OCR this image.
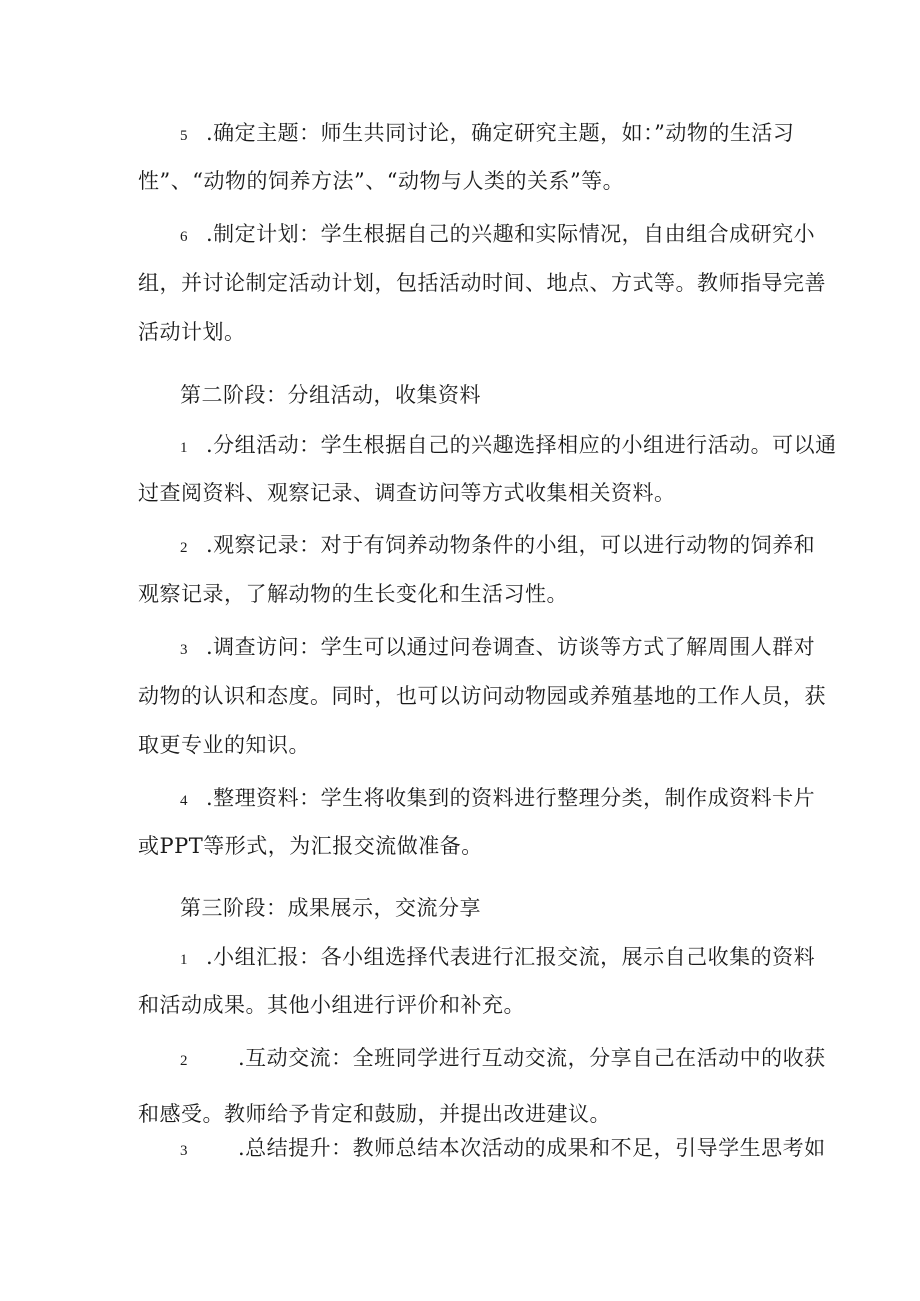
5 .确定主题：师生共同讨论，确定研究主题，如：”动物的生活习
性”、“动物的饲养方法”、“动物与人类的关系”等。
6 .制定计划：学生根据自己的兴趣和实际情况，自由组合成研究小
组，并讨论制定活动计划，包括活动时间、地点、方式等。教师指导完善
活动计划。
第二阶段：分组活动，收集资料
1 .分组活动：学生根据自己的兴趣选择相应的小组进行活动。可以通
过查阅资料、观察记录、调查访问等方式收集相关资料。
2 .观察记录：对于有饲养动物条件的小组，可以进行动物的饲养和
观察记录，了解动物的生长变化和生活习性。
3 .调查访问：学生可以通过问卷调查、访谈等方式了解周围人群对
动物的认识和态度。同时，也可以访问动物园或养殖基地的工作人员，获
取更专业的知识。
4 .整理资料：学生将收集到的资料进行整理分类，制作成资料卡片
或PPT等形式，为汇报交流做准备。
第三阶段：成果展示，交流分享
1 .小组汇报：各小组选择代表进行汇报交流，展示自己收集的资料
和活动成果。其他小组进行评价和补充。
2 .互动交流：全班同学进行互动交流，分享自己在活动中的收获
和感受。教师给予肯定和鼓励，并提出改进建议。
3 .总结提升：教师总结本次活动的成果和不足，引导学生思考如
